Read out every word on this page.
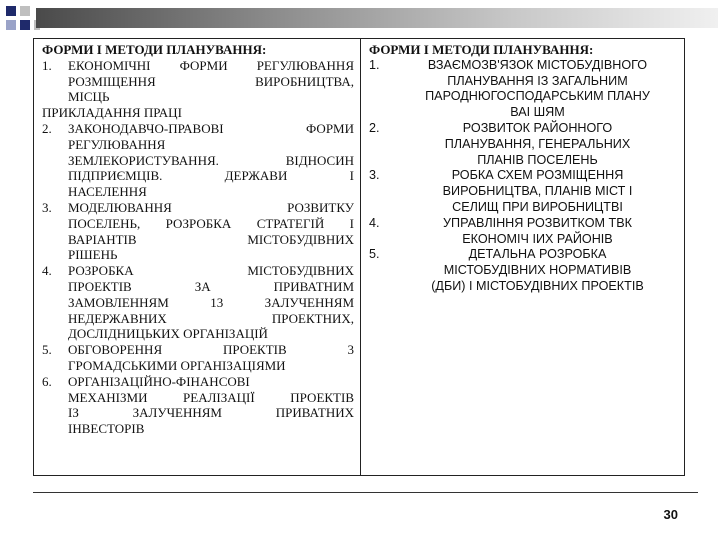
ФОРМИ І МЕТОДИ ПЛАНУВАННЯ:
1.	ЕКОНОМІЧНІ ФОРМИ РЕГУЛЮВАННЯ
РОЗМІЩЕННЯ ВИРОБНИЦТВА,
МІСЦЬ
ПРИКЛАДАННЯ ПРАЦІ
2.	ЗАКОНОДАВЧО-ПРАВОВІ ФОРМИ
РЕГУЛЮВАННЯ
ЗЕМЛЕКОРИСТУВАННЯ. ВІДНОСИН
ПІДПРИЄМЦІВ. ДЕРЖАВИ І
НАСЕЛЕННЯ
3.	МОДЕЛЮВАННЯ РОЗВИТКУ
ПОСЕЛЕНЬ, РОЗРОБКА СТРАТЕГІЙ І
ВАРІАНТІВ МІСТОБУДІВНИХ
РІШЕНЬ
4.	РОЗРОБКА МІСТОБУДІВНИХ
ПРОЕКТІВ ЗА ПРИВАТНИМ
ЗАМОВЛЕННЯМ 13 ЗАЛУЧЕННЯМ
НЕДЕРЖАВНИХ ПРОЕКТНИХ,
ДОСЛІДНИЦЬКИХ ОРГАНІЗАЦІЙ
5.	ОБГОВОРЕННЯ ПРОЕКТІВ 3
ГРОМАДСЬКИМИ ОРГАНІЗАЦІЯМИ
6.	ОРГАНІЗАЦІЙНО-ФІНАНСОВІ
МЕХАНІЗМИ РЕАЛІЗАЦІЇ ПРОЕКТІВ
ІЗ ЗАЛУЧЕННЯМ ПРИВАТНИХ
ІНВЕСТОРІВ
ФОРМИ І МЕТОДИ ПЛАНУВАННЯ:
1.	ВЗАЄМОЗВ'ЯЗОК МІСТОБУДІВНОГО
ПЛАНУВАННЯ ІЗ ЗАГАЛЬНИМ
ПАРОДНЮГОСПОДАРСЬКИМ ПЛАНУ
ВАІ ШЯМ
2.	РОЗВИТОК РАЙОННОГО
ПЛАНУВАННЯ, ГЕНЕРАЛЬНИХ
ПЛАНІВ ПОСЕЛЕНЬ
3.	РОБКА СХЕМ РОЗМІЩЕННЯ
ВИРОБНИЦТВА, ПЛАНІВ МІСТ І
СЕЛИЩ ПРИ ВИРОБНИЦТВІ
4.	УПРАВЛІННЯ РОЗВИТКОМ ТВК
ЕКОНОМІЧ ІИХ РАЙОНІВ
5.	ДЕТАЛЬНА РОЗРОБКА
МІСТОБУДІВНИХ НОРМАТИВІВ
(ДБИ) І МІСТОБУДІВНИХ ПРОЕКТІВ
30
